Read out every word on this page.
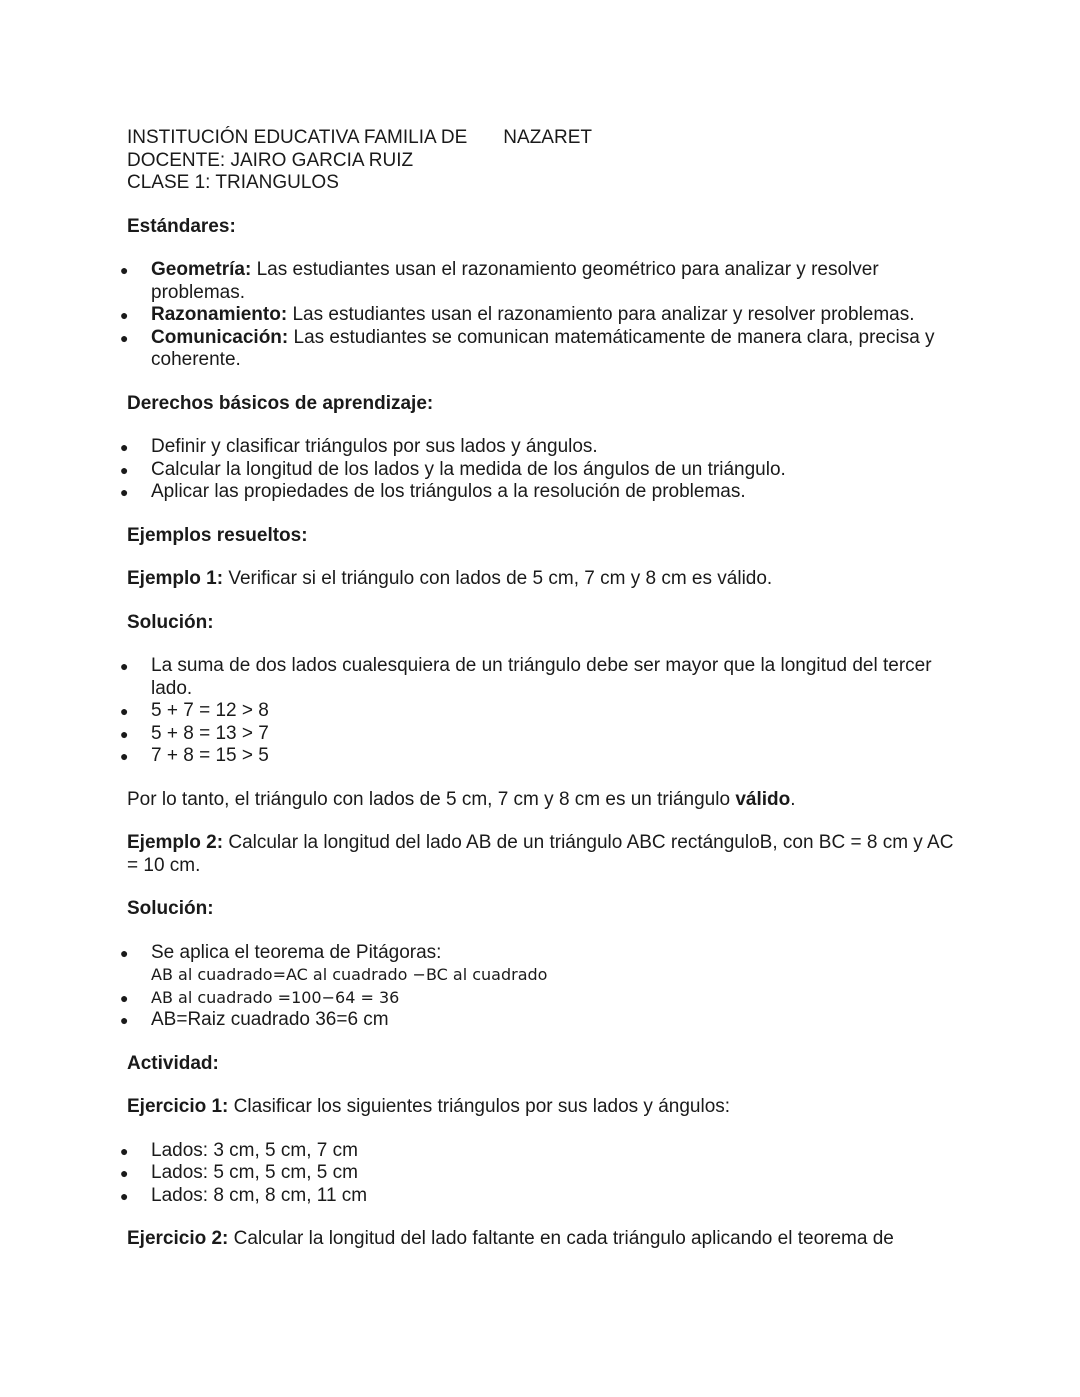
INSTITUCIÓN EDUCATIVA FAMILIA DE NAZARET

DOCENTE: JAIRO GARCIA RUIZ

CLASE 1: TRIANGULOS

Estándares:

● Geometría: Las estudiantes usan el razonamiento geométrico para analizar y resolver problemas.
● Razonamiento: Las estudiantes usan el razonamiento para analizar y resolver problemas.
● Comunicación: Las estudiantes se comunican matemáticamente de manera clara, precisa y coherente.

Derechos básicos de aprendizaje:

● Definir y clasificar triángulos por sus lados y ángulos.
● Calcular la longitud de los lados y la medida de los ángulos de un triángulo.
● Aplicar las propiedades de los triángulos a la resolución de problemas.

Ejemplos resueltos:

Ejemplo 1: Verificar si el triángulo con lados de 5 cm, 7 cm y 8 cm es válido.

Solución:

● La suma de dos lados cualesquiera de un triángulo debe ser mayor que la longitud del tercer lado.
● 5 + 7 = 12 > 8
● 5 + 8 = 13 > 7
● 7 + 8 = 15 > 5

Por lo tanto, el triángulo con lados de 5 cm, 7 cm y 8 cm es un triángulo válido.

Ejemplo 2: Calcular la longitud del lado AB de un triángulo ABC rectánguloB, con BC = 8 cm y AC = 10 cm.

Solución:

● Se aplica el teorema de Pitágoras:
AB al cuadrado=AC al cuadrado −BC al cuadrado
● AB al cuadrado =100−64 = 36
● AB=Raiz cuadrado 36=6 cm

Actividad:

Ejercicio 1: Clasificar los siguientes triángulos por sus lados y ángulos:

● Lados: 3 cm, 5 cm, 7 cm
● Lados: 5 cm, 5 cm, 5 cm
● Lados: 8 cm, 8 cm, 11 cm

Ejercicio 2: Calcular la longitud del lado faltante en cada triángulo aplicando el teorema de
